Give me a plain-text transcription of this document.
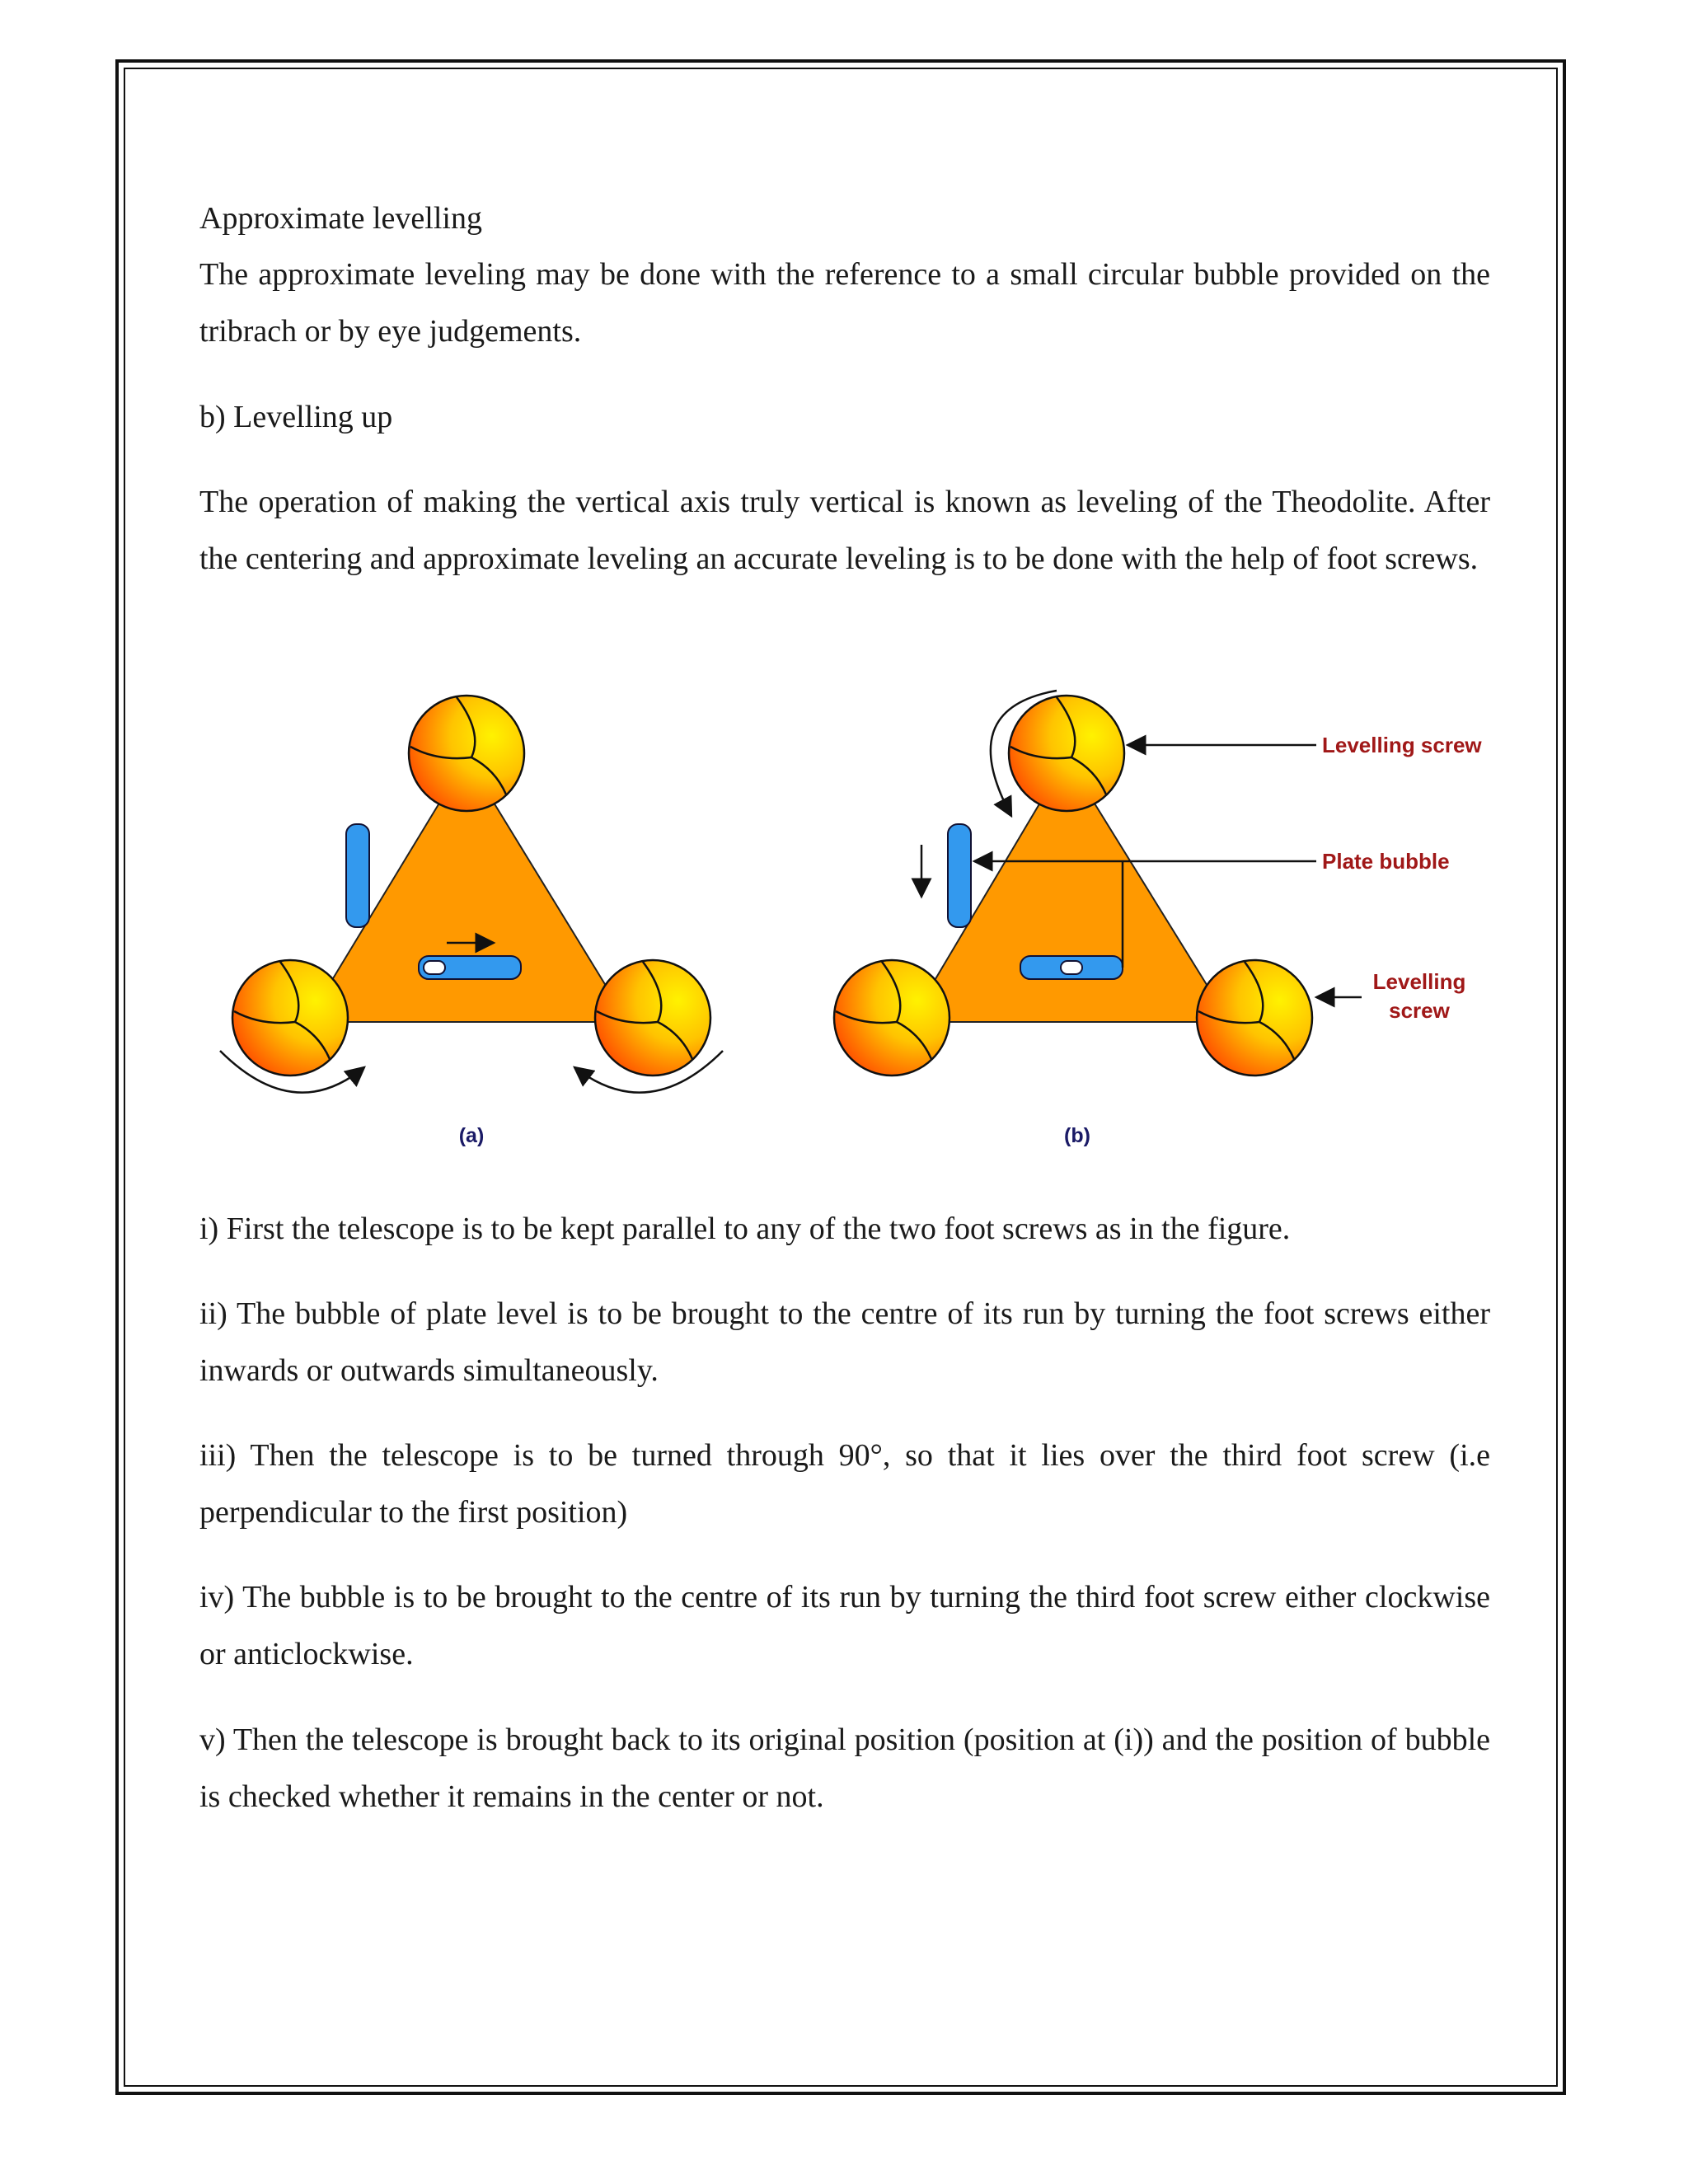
Approximate levelling

The approximate leveling may be done with the reference to a small circular bubble provided on the tribrach or by eye judgements.

b) Levelling up

The operation of making the vertical axis truly vertical is known as leveling of the Theodolite. After the centering and approximate leveling an accurate leveling is to be done with the help of foot screws.

(a)
Levelling screw
Plate bubble
Levelling
screw
(b)

i) First the telescope is to be kept parallel to any of the two foot screws as in the figure.

ii) The bubble of plate level is to be brought to the centre of its run by turning the foot screws either inwards or outwards simultaneously.

iii) Then the telescope is to be turned through 90°, so that it lies over the third foot screw (i.e perpendicular to the first position)

iv) The bubble is to be brought to the centre of its run by turning the third foot screw either clockwise or anticlockwise.

v) Then the telescope is brought back to its original position (position at (i)) and the position of bubble is checked whether it remains in the center or not.
